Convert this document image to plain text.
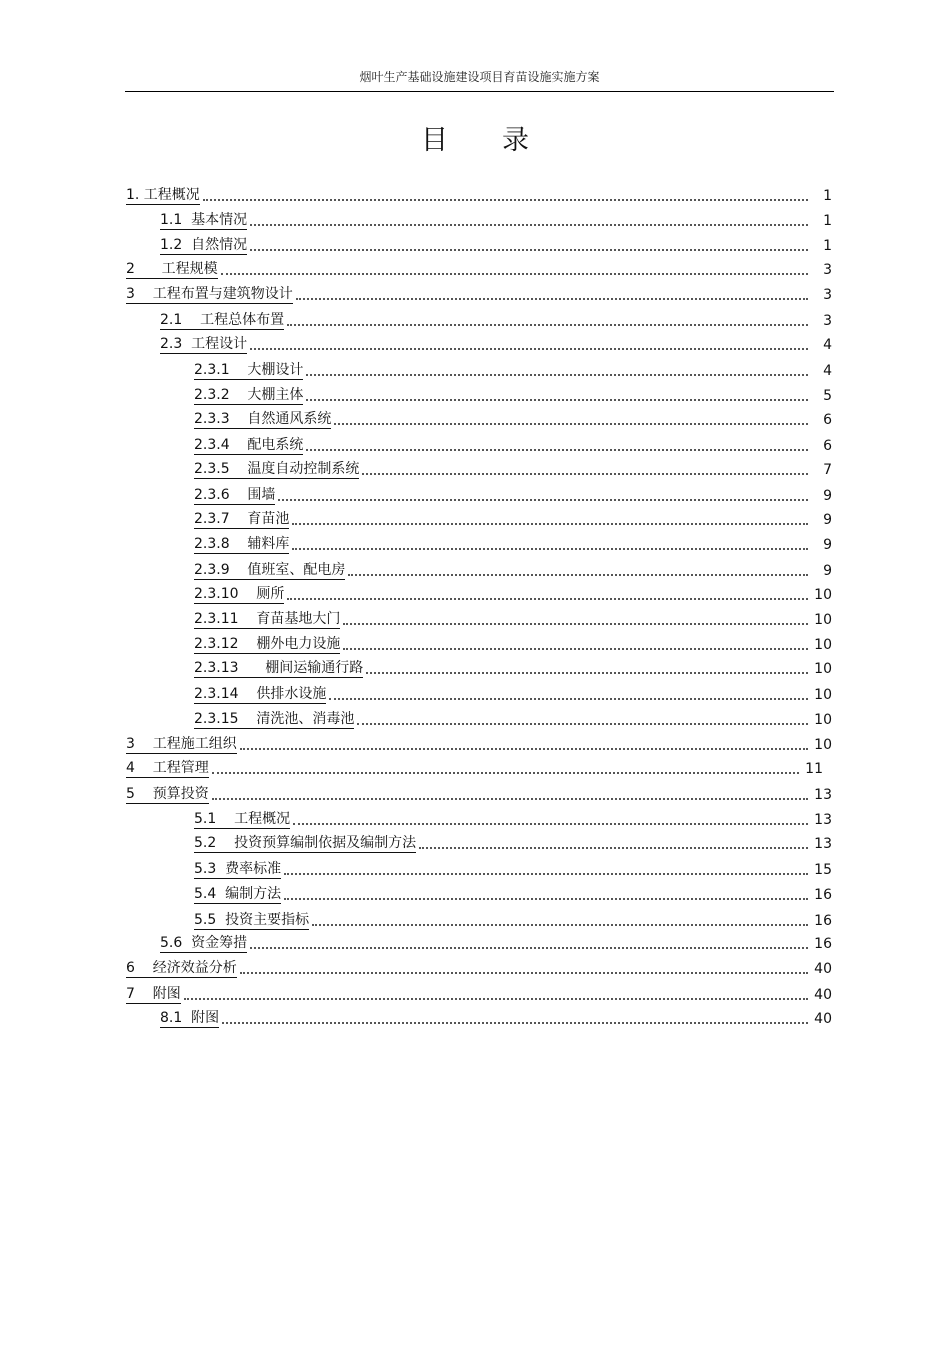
烟叶生产基础设施建设项目育苗设施实施方案
目 录
1. 工程概况	1
1.1  基本情况	1
1.2  自然情况	1
2      工程规模	3
3    工程布置与建筑物设计	3
2.1    工程总体布置	3
2.3  工程设计	4
2.3.1    大棚设计	4
2.3.2    大棚主体	5
2.3.3    自然通风系统	6
2.3.4    配电系统	6
2.3.5    温度自动控制系统	7
2.3.6    围墙	9
2.3.7    育苗池	9
2.3.8    辅料库	9
2.3.9    值班室、配电房	9
2.3.10    厕所	10
2.3.11    育苗基地大门	10
2.3.12    棚外电力设施	10
2.3.13      棚间运输通行路	10
2.3.14    供排水设施	10
2.3.15    清洗池、消毒池	10
3    工程施工组织	10
4    工程管理	11
5    预算投资	13
5.1    工程概况	13
5.2    投资预算编制依据及编制方法	13
5.3  费率标准	15
5.4  编制方法	16
5.5  投资主要指标	16
5.6  资金筹措	16
6    经济效益分析	40
7    附图	40
8.1  附图	40
